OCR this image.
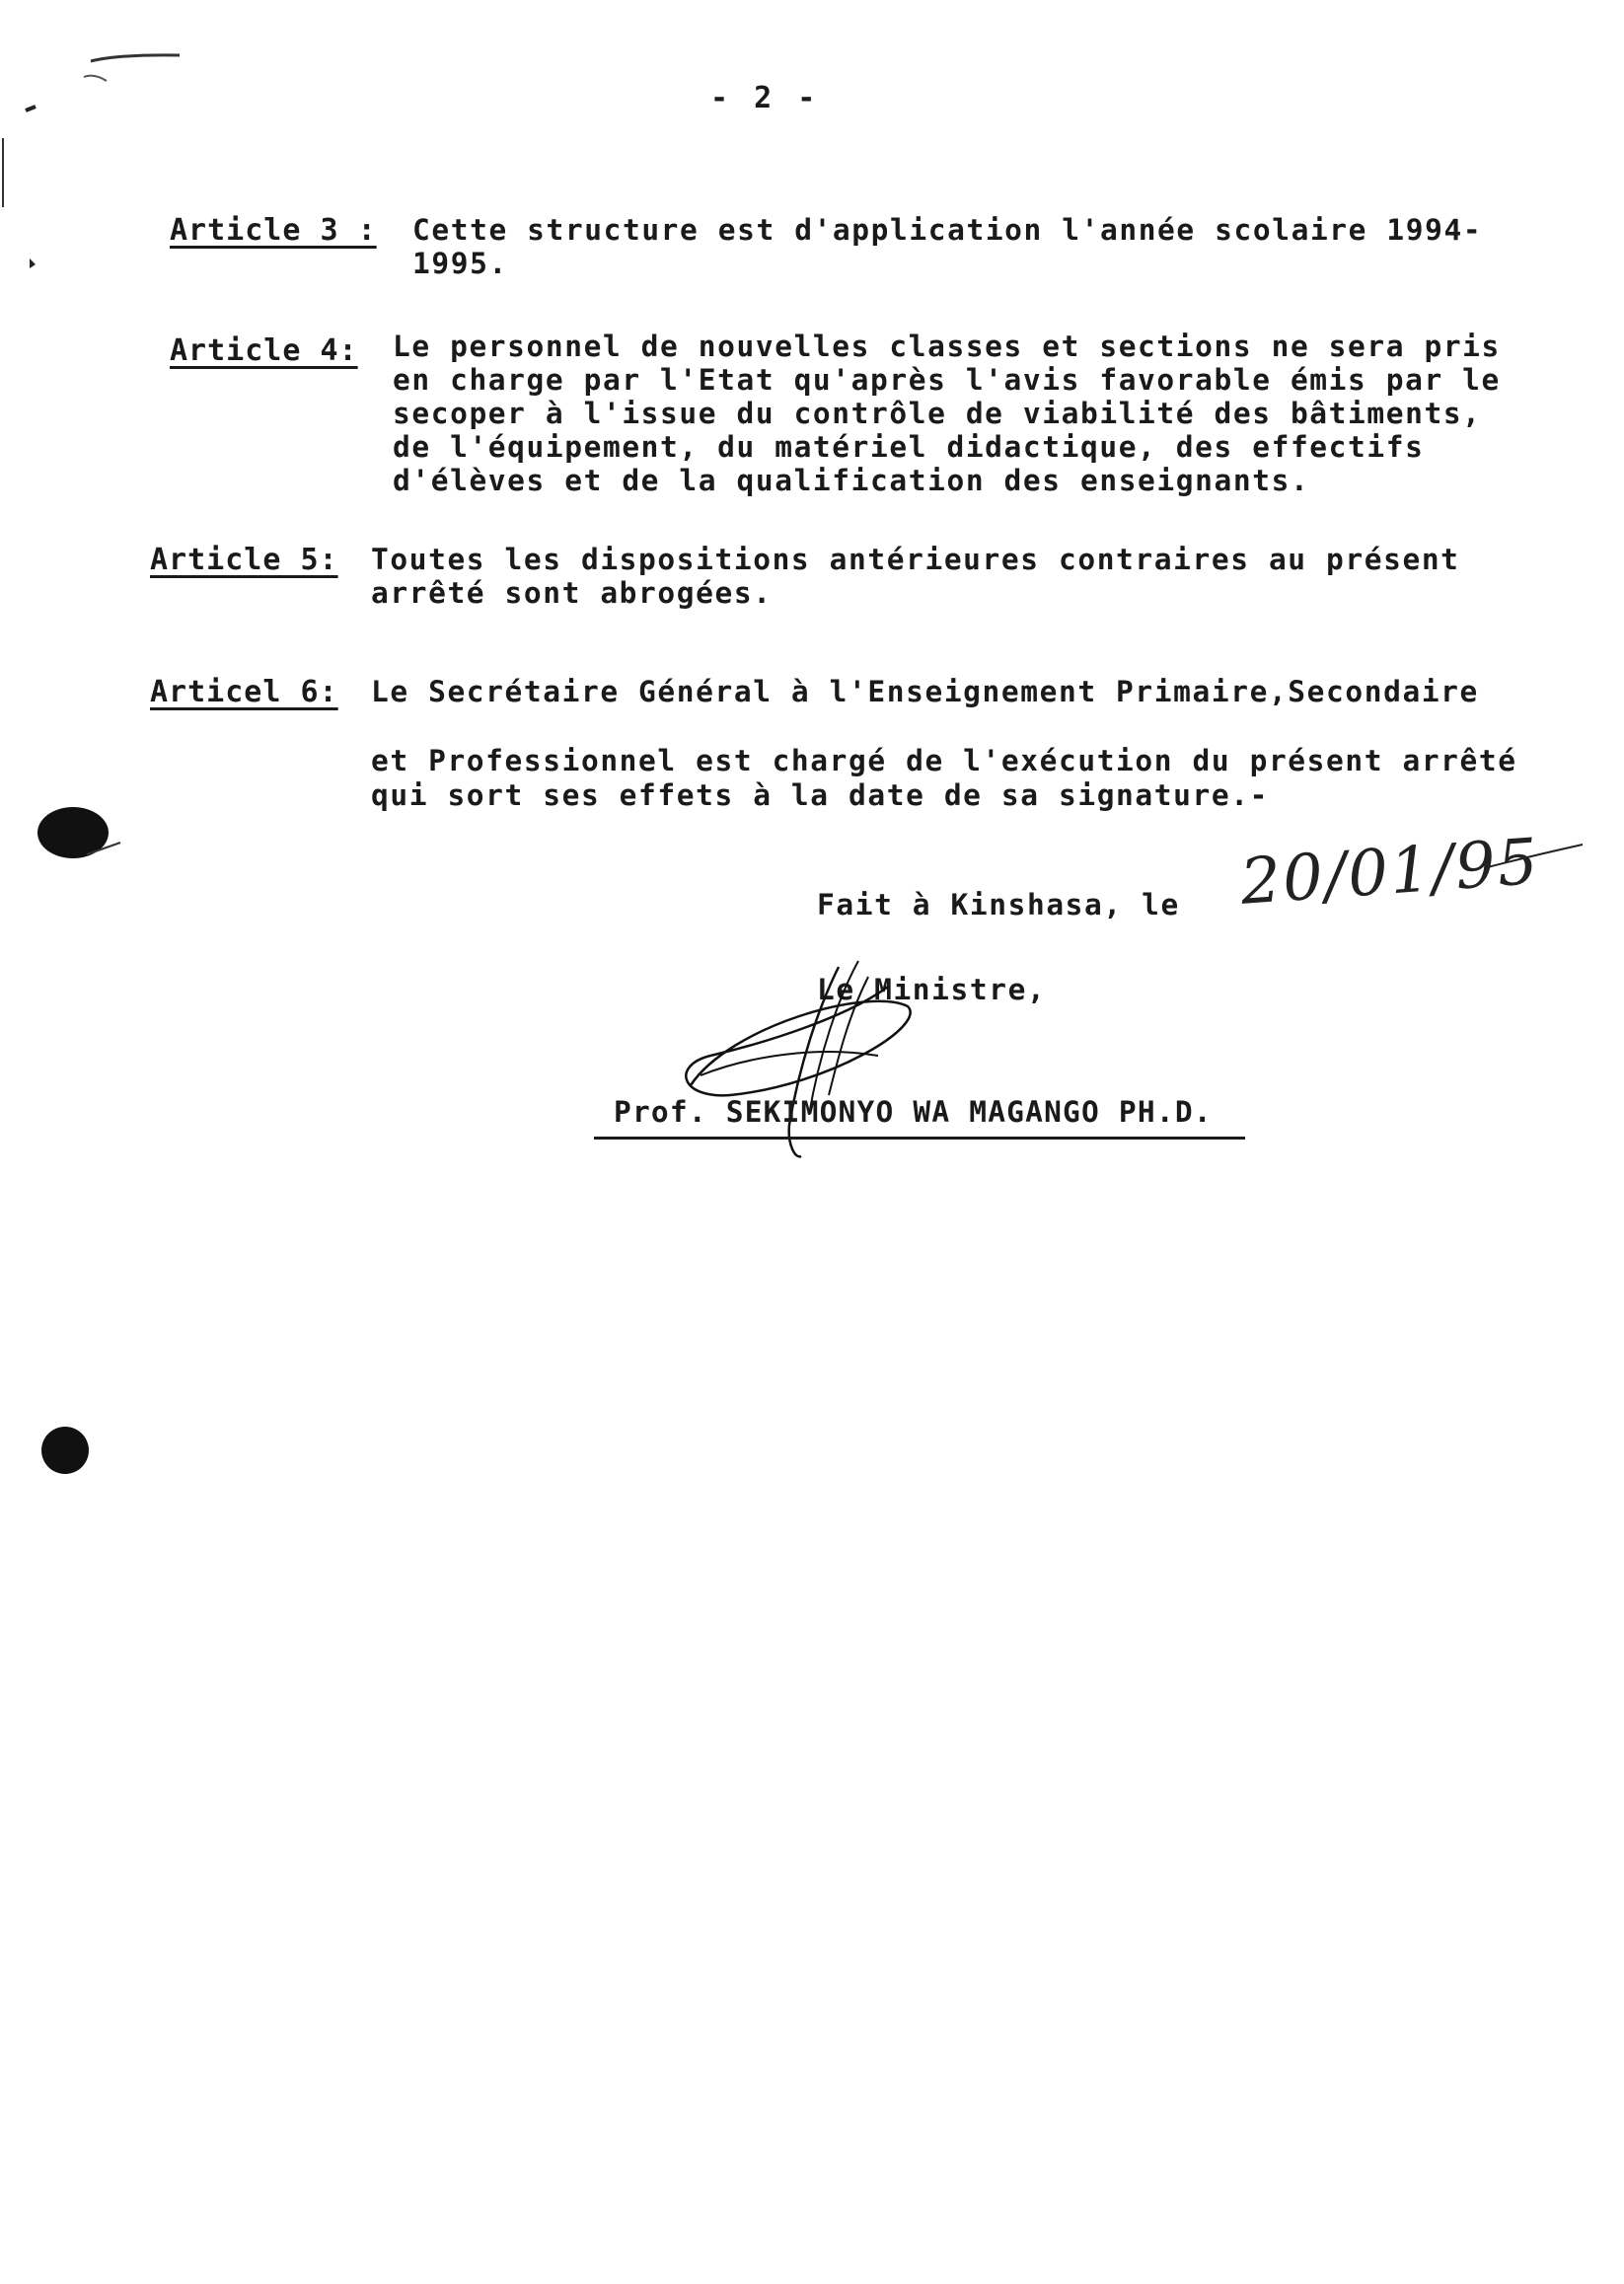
- 2 -
Article 3 : Cette structure est d'application l'année scolaire 1994-
1995.
Article 4: Le personnel de nouvelles classes et sections ne sera pris
en charge par l'Etat qu'après l'avis favorable émis par le
secoper à l'issue du contrôle de viabilité des bâtiments,
de l'équipement, du matériel didactique, des effectifs
d'élèves et de la qualification des enseignants.
Article 5: Toutes les dispositions antérieures contraires au présent
arrêté sont abrogées.
Articel 6: Le Secrétaire Général à l'Enseignement Primaire,Secondaire

et Professionnel est chargé de l'exécution du présent arrêté
qui sort ses effets à la date de sa signature.-
Fait à Kinshasa, le 20/01/95
Le Ministre,
Prof. SEKIMONYO WA MAGANGO PH.D.
